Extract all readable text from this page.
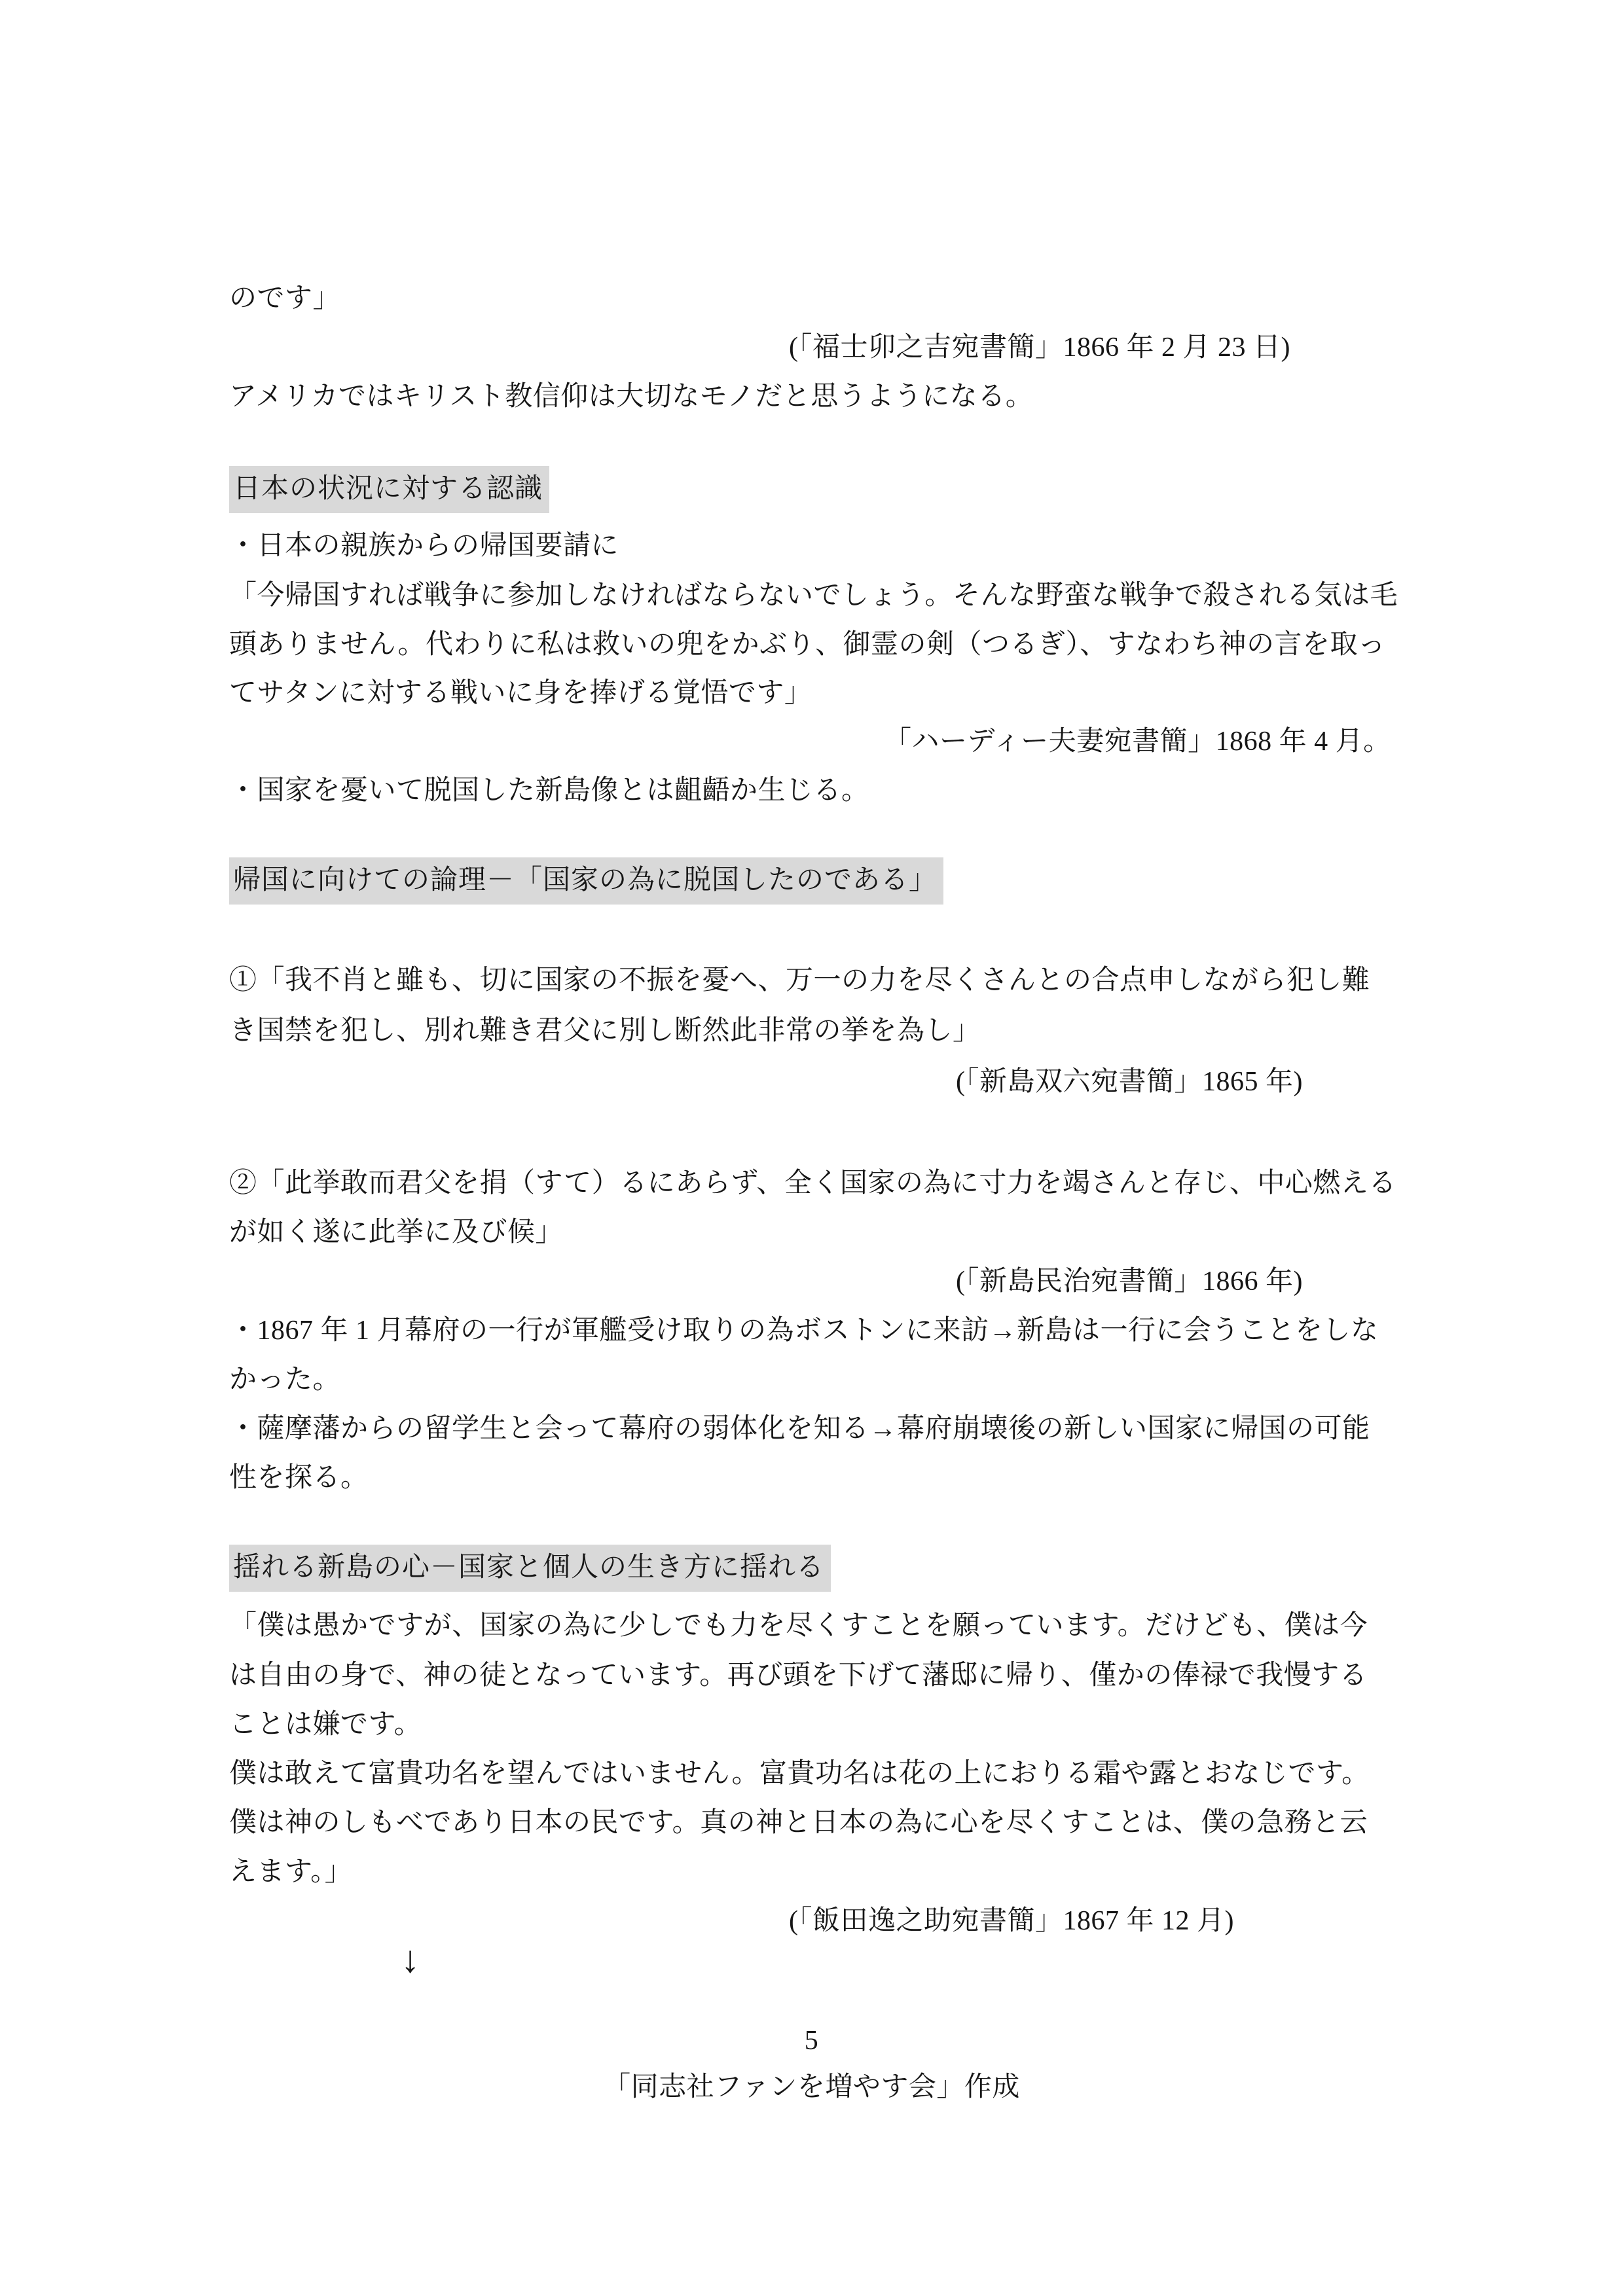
のです」
(「福士卯之吉宛書簡」1866 年 2 月 23 日)
アメリカではキリスト教信仰は大切なモノだと思うようになる。
日本の状況に対する認識
・日本の親族からの帰国要請に
「今帰国すれば戦争に参加しなければならないでしょう。そんな野蛮な戦争で殺される気は毛
頭ありません。代わりに私は救いの兜をかぶり、御霊の剣（つるぎ）、すなわち神の言を取っ
てサタンに対する戦いに身を捧げる覚悟です」
「ハーディー夫妻宛書簡」1868 年 4 月。
・国家を憂いて脱国した新島像とは齟齬か生じる。
帰国に向けての論理－「国家の為に脱国したのである」
①「我不肖と雖も、切に国家の不振を憂へ、万一の力を尽くさんとの合点申しながら犯し難
き国禁を犯し、別れ難き君父に別し断然此非常の挙を為し」
(「新島双六宛書簡」1865 年)
②「此挙敢而君父を捐（すて）るにあらず、全く国家の為に寸力を竭さんと存じ、中心燃える
が如く遂に此挙に及び候」
(「新島民治宛書簡」1866 年)
・1867 年 1 月幕府の一行が軍艦受け取りの為ボストンに来訪→新島は一行に会うことをしな
かった。
・薩摩藩からの留学生と会って幕府の弱体化を知る→幕府崩壊後の新しい国家に帰国の可能
性を探る。
揺れる新島の心－国家と個人の生き方に揺れる
「僕は愚かですが、国家の為に少しでも力を尽くすことを願っています。だけども、僕は今
は自由の身で、神の徒となっています。再び頭を下げて藩邸に帰り、僅かの俸禄で我慢する
ことは嫌です。
僕は敢えて富貴功名を望んではいません。富貴功名は花の上におりる霜や露とおなじです。
僕は神のしもべであり日本の民です。真の神と日本の為に心を尽くすことは、僕の急務と云
えます。」
(「飯田逸之助宛書簡」1867 年 12 月)
↓
5
「同志社ファンを増やす会」作成
